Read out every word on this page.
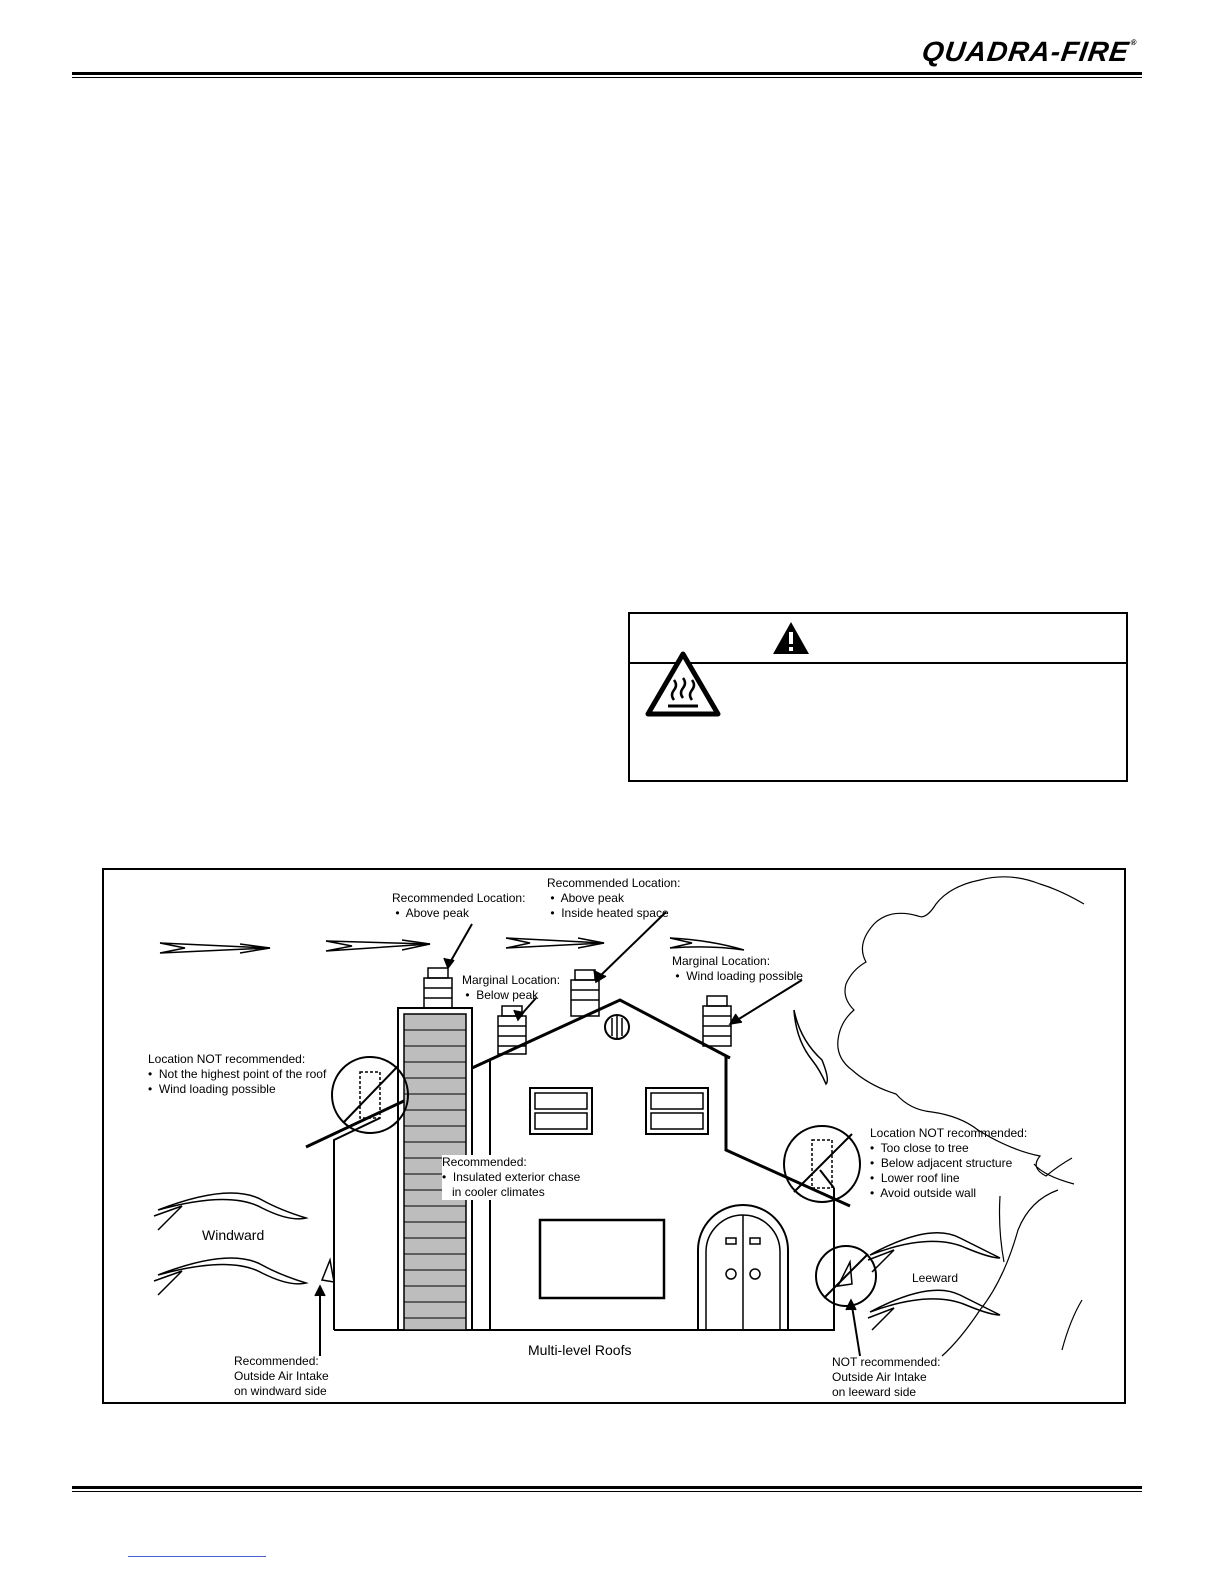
QUADRA-FIRE®
Recommended Location:
• Above peak
Recommended Location:
• Above peak
• Inside heated space
Marginal Location:
• Below peak
Marginal Location:
• Wind loading possible
Location NOT recommended:
• Not the highest point of the roof
• Wind loading possible
Recommended:
• Insulated exterior chase
in cooler climates
Location NOT recommended:
• Too close to tree
• Below adjacent structure
• Lower roof line
• Avoid outside wall
Windward
Leeward
Multi-level Roofs
Recommended:
Outside Air Intake
on windward side
NOT recommended:
Outside Air Intake
on leeward side
